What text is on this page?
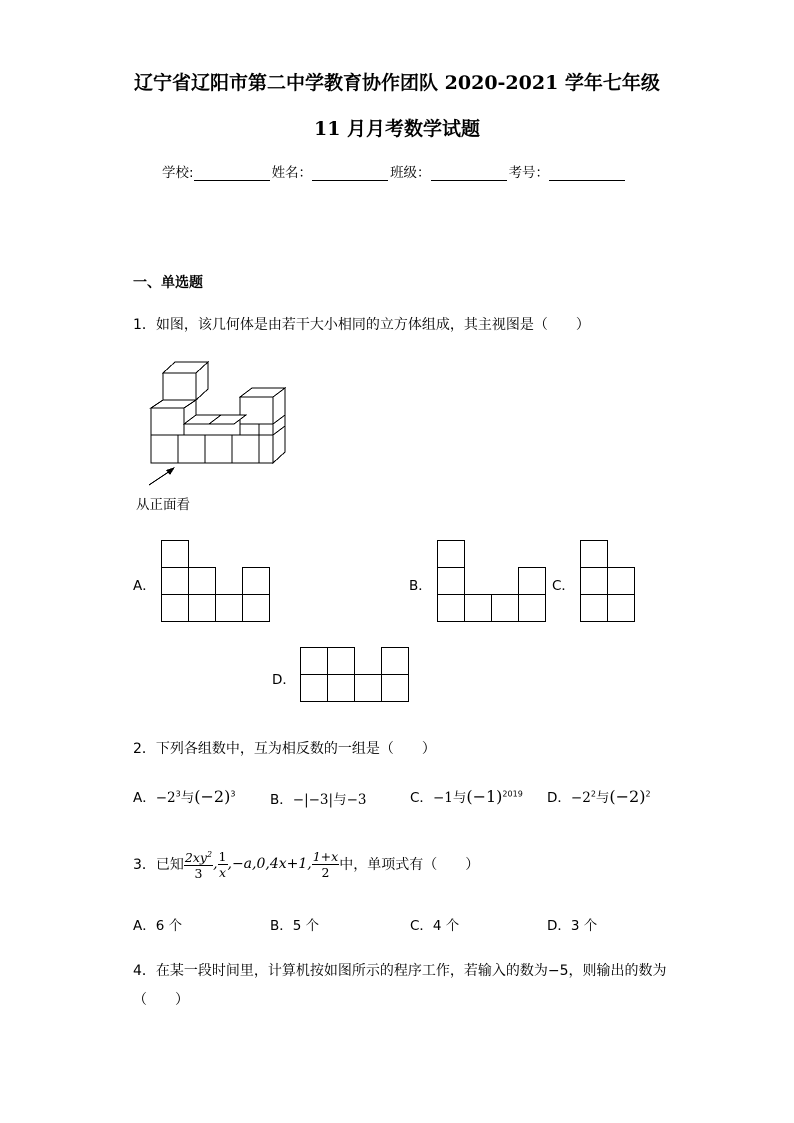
辽宁省辽阳市第二中学教育协作团队 2020-2021 学年七年级
11 月月考数学试题
学校:	姓名：	班级：	考号：
一、单选题
1．如图，该几何体是由若干大小相同的立方体组成，其主视图是（　　）
从正面看
A．	B．	C．
D．
2．下列各组数中，互为相反数的一组是（　　）
A．$-2^3$与$(-2)^3$	B．−|−3|与−3	C．−1与$(-1)^{2019}$ D．$-2^2$与$(-2)^2$
3．已知 $\frac{2xy^2}{3}$ , $\frac{1}{x} ,-a,0,4x+1$, $\frac{1+x}{2}$ 中，单项式有（　　）
A．6 个	B．5 个	C．4 个	D．3 个
4．在某一段时间里，计算机按如图所示的程序工作，若输入的数为−5，则输出的数为
（　　）
